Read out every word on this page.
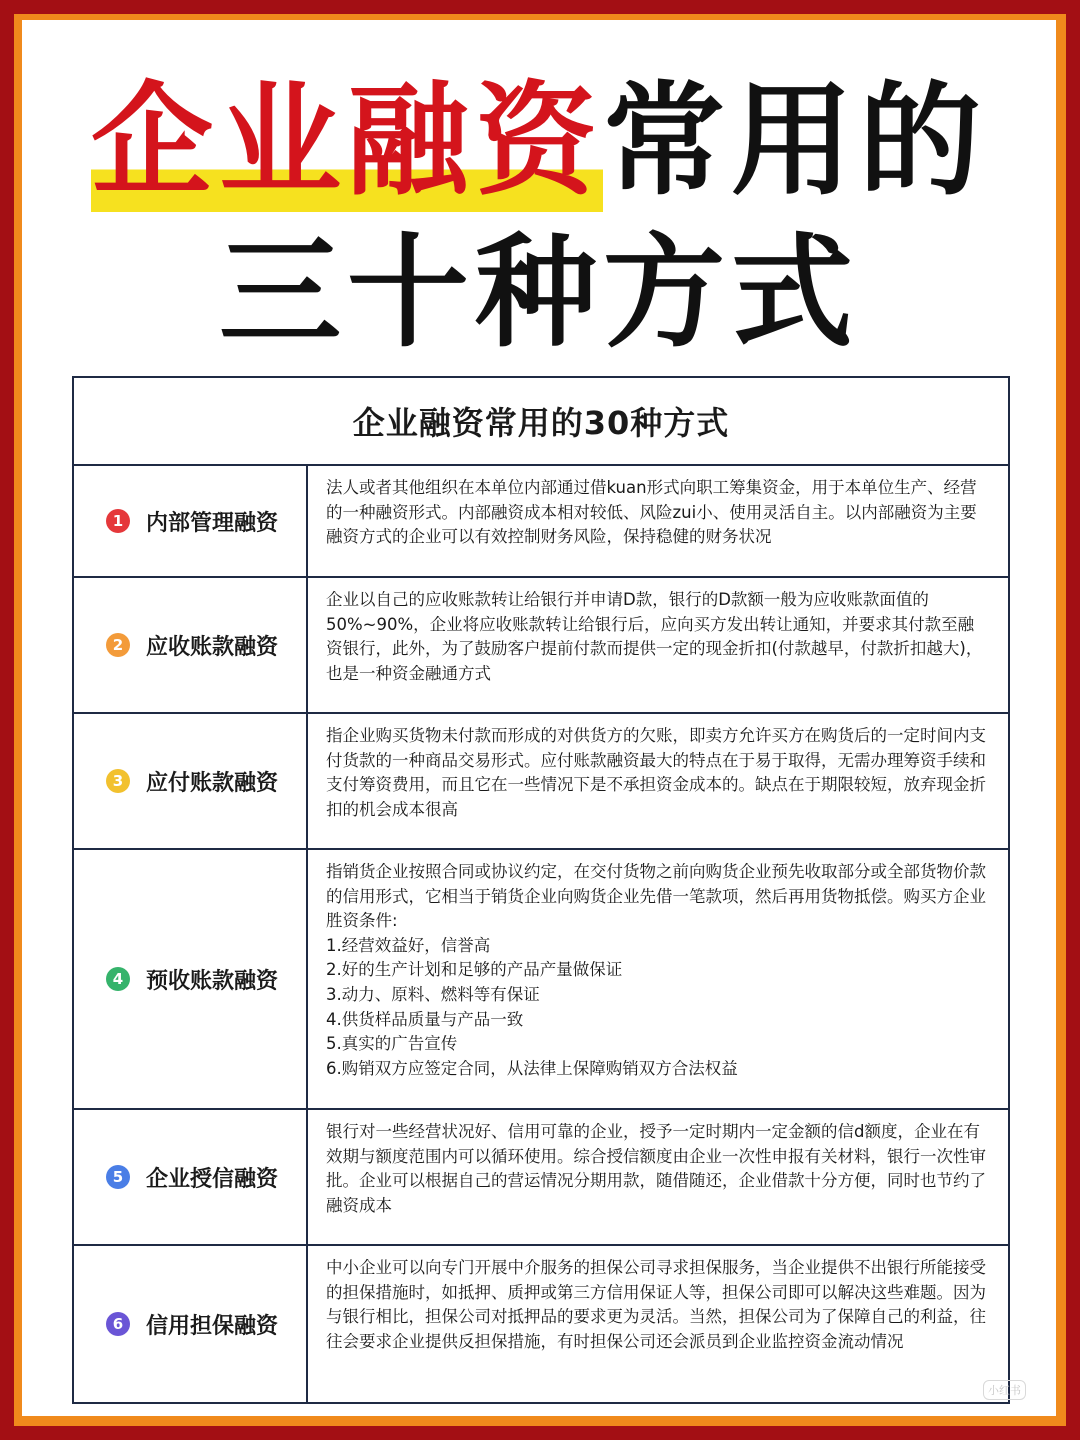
企业融资常用的
三十种方式
企业融资常用的30种方式
1	内部管理融资

法人或者其他组织在本单位内部通过借kuan形式向职工筹集资金，用于本单位生产、经营的一种融资形式。内部融资成本相对较低、风险zui小、使用灵活自主。以内部融资为主要融资方式的企业可以有效控制财务风险，保持稳健的财务状况

2	应收账款融资

企业以自己的应收账款转让给银行并申请D款，银行的D款额一般为应收账款面值的50%~90%，企业将应收账款转让给银行后，应向买方发出转让通知，并要求其付款至融资银行，此外，为了鼓励客户提前付款而提供一定的现金折扣(付款越早，付款折扣越大)，也是一种资金融通方式

3	应付账款融资

指企业购买货物未付款而形成的对供货方的欠账，即卖方允许买方在购货后的一定时间内支付货款的一种商品交易形式。应付账款融资最大的特点在于易于取得，无需办理筹资手续和支付筹资费用，而且它在一些情况下是不承担资金成本的。缺点在于期限较短，放弃现金折扣的机会成本很高

4	预收账款融资

指销货企业按照合同或协议约定，在交付货物之前向购货企业预先收取部分或全部货物价款的信用形式，它相当于销货企业向购货企业先借一笔款项，然后再用货物抵偿。购买方企业胜资条件:

1.经营效益好，信誉高
2.好的生产计划和足够的产品产量做保证
3.动力、原料、燃料等有保证
4.供货样品质量与产品一致
5.真实的广告宣传
6.购销双方应签定合同，从法律上保障购销双方合法权益
5	企业授信融资

银行对一些经营状况好、信用可靠的企业，授予一定时期内一定金额的信d额度，企业在有效期与额度范围内可以循环使用。综合授信额度由企业一次性申报有关材料，银行一次性审批。企业可以根据自己的营运情况分期用款，随借随还，企业借款十分方便，同时也节约了融资成本

6	信用担保融资

中小企业可以向专门开展中介服务的担保公司寻求担保服务，当企业提供不出银行所能接受的担保措施时，如抵押、质押或第三方信用保证人等，担保公司即可以解决这些难题。因为与银行相比，担保公司对抵押品的要求更为灵活。当然，担保公司为了保障自己的利益，往往会要求企业提供反担保措施，有时担保公司还会派员到企业监控资金流动情况

小红书
